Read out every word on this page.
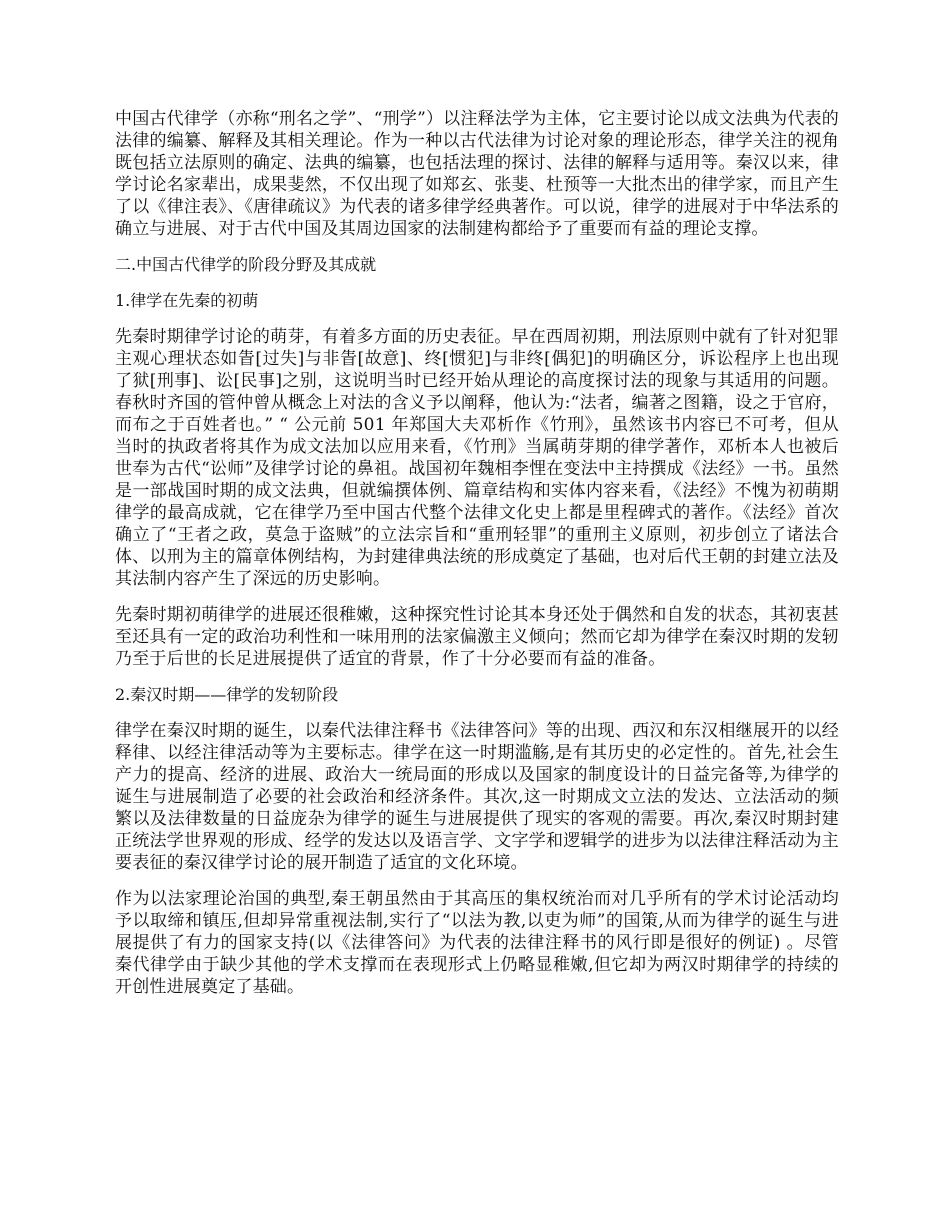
中国古代律学（亦称“刑名之学”、“刑学”）以注释法学为主体，它主要讨论以成文法典为代表的法律的编纂、解释及其相关理论。作为一种以古代法律为讨论对象的理论形态，律学关注的视角既包括立法原则的确定、法典的编纂，也包括法理的探讨、法律的解释与适用等。秦汉以来，律学讨论名家辈出，成果斐然，不仅出现了如郑玄、张斐、杜预等一大批杰出的律学家，而且产生了以《律注表》、《唐律疏议》为代表的诸多律学经典著作。可以说，律学的进展对于中华法系的确立与进展、对于古代中国及其周边国家的法制建构都给予了重要而有益的理论支撑。

二.中国古代律学的阶段分野及其成就

1.律学在先秦的初萌

先秦时期律学讨论的萌芽，有着多方面的历史表征。早在西周初期，刑法原则中就有了针对犯罪主观心理状态如眚[过失]与非眚[故意]、终[惯犯]与非终[偶犯]的明确区分，诉讼程序上也出现了狱[刑事]、讼[民事]之别，这说明当时已经开始从理论的高度探讨法的现象与其适用的问题。春秋时齐国的管仲曾从概念上对法的含义予以阐释，他认为:“法者，编著之图籍，设之于官府，而布之于百姓者也。” “ 公元前 501 年郑国大夫邓析作《竹刑》，虽然该书内容已不可考，但从当时的执政者将其作为成文法加以应用来看，《竹刑》当属萌芽期的律学著作，邓析本人也被后世奉为古代“讼师”及律学讨论的鼻祖。战国初年魏相李悝在变法中主持撰成《法经》一书。虽然是一部战国时期的成文法典，但就编撰体例、篇章结构和实体内容来看，《法经》不愧为初萌期律学的最高成就，它在律学乃至中国古代整个法律文化史上都是里程碑式的著作。《法经》首次确立了“王者之政，莫急于盗贼”的立法宗旨和“重刑轻罪”的重刑主义原则，初步创立了诸法合体、以刑为主的篇章体例结构，为封建律典法统的形成奠定了基础，也对后代王朝的封建立法及其法制内容产生了深远的历史影响。

先秦时期初萌律学的进展还很稚嫩，这种探究性讨论其本身还处于偶然和自发的状态，其初衷甚至还具有一定的政治功利性和一味用刑的法家偏激主义倾向；然而它却为律学在秦汉时期的发轫乃至于后世的长足进展提供了适宜的背景，作了十分必要而有益的准备。

2.秦汉时期——律学的发轫阶段

律学在秦汉时期的诞生，以秦代法律注释书《法律答问》等的出现、西汉和东汉相继展开的以经释律、以经注律活动等为主要标志。律学在这一时期滥觞,是有其历史的必定性的。首先,社会生产力的提高、经济的进展、政治大一统局面的形成以及国家的制度设计的日益完备等,为律学的诞生与进展制造了必要的社会政治和经济条件。其次,这一时期成文立法的发达、立法活动的频繁以及法律数量的日益庞杂为律学的诞生与进展提供了现实的客观的需要。再次,秦汉时期封建正统法学世界观的形成、经学的发达以及语言学、文字学和逻辑学的进步为以法律注释活动为主要表征的秦汉律学讨论的展开制造了适宜的文化环境。

作为以法家理论治国的典型,秦王朝虽然由于其高压的集权统治而对几乎所有的学术讨论活动均予以取缔和镇压,但却异常重视法制,实行了“以法为教,以吏为师”的国策,从而为律学的诞生与进展提供了有力的国家支持(以《法律答问》为代表的法律注释书的风行即是很好的例证) 。尽管秦代律学由于缺少其他的学术支撑而在表现形式上仍略显稚嫩,但它却为两汉时期律学的持续的开创性进展奠定了基础。
